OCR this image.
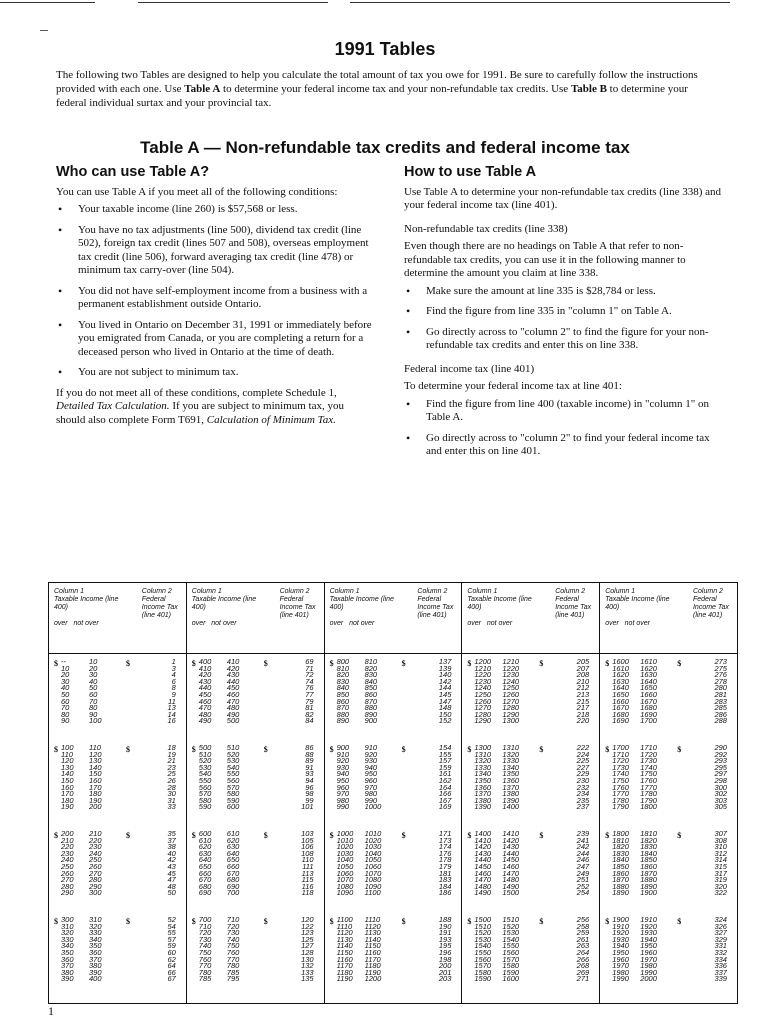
1991 Tables
The following two Tables are designed to help you calculate the total amount of tax you owe for 1991. Be sure to carefully follow the instructions provided with each one. Use Table A to determine your federal income tax and your non-refundable tax credits. Use Table B to determine your federal individual surtax and your provincial tax.
Table A — Non-refundable tax credits and federal income tax
Who can use Table A?

You can use Table A if you meet all of the following conditions:

• Your taxable income (line 260) is $57,568 or less.
• You have no tax adjustments (line 500), dividend tax credit (line 502), foreign tax credit (lines 507 and 508), overseas employment tax credit (line 506), forward averaging tax credit (line 478) or minimum tax carry-over (line 504).
• You did not have self-employment income from a business with a permanent establishment outside Ontario.
• You lived in Ontario on December 31, 1991 or immediately before you emigrated from Canada, or you are completing a return for a deceased person who lived in Ontario at the time of death.
• You are not subject to minimum tax.

If you do not meet all of these conditions, complete Schedule 1, Detailed Tax Calculation. If you are subject to minimum tax, you should also complete Form T691, Calculation of Minimum Tax.

How to use Table A

Use Table A to determine your non-refundable tax credits (line 338) and your federal income tax (line 401).

Non-refundable tax credits (line 338)

Even though there are no headings on Table A that refer to non-refundable tax credits, you can use it in the following manner to determine the amount you claim at line 338.

• Make sure the amount at line 335 is $28,784 or less.
• Find the figure from line 335 in "column 1" on Table A.
• Go directly across to "column 2" to find the figure for your non-refundable tax credits and enter this on line 338.

Federal income tax (line 401)

To determine your federal income tax at line 401:

• Find the figure from line 400 (taxable income) in "column 1" on Table A.
• Go directly across to "column 2" to find your federal income tax and enter this on line 401.
Column 1
Taxable Income (line 400)
Column 2
Federal Income Tax (line 401)
over not over
$	$
--	10	1
10	20	3
20	30	4
30	40	6
40	50	8
50	60	9
60	70	11
70	80	13
80	90	14
90	100	16
$	$
100 110	18
110 120	19
120 130	21
130 140	23
140 150	25
150 160	26
160 170	28
170 180	30
180 190	31
190 200	33
$	$
200 210	35
210 220	37
220 230	38
230 240	40
240 250	42
250 260	43
260 270	45
270 280	47
280 290	48
290 300	50
$	$
300 310	52
310 320	54
320 330	55
330 340	57
340 350	59
350 360	60
360 370	62
370 380	64
380 390	66
390 400	67
Column 1
Taxable Income (line 400)
Column 2
Federal Income Tax (line 401)
over not over
$	$
400 410	69
410 420	71
420 430	72
430 440	74
440 450	76
450 460	77
460 470	79
470 480	81
480 490	82
490 500	84
$	$
500 510	86
510 520	88
520 530	89
530 540	91
540 550	93
550 560	94
560 570	96
570 580	98
580 590	99
590 600	101
$	$
600 610	103
610 620	105
620 630	106
630 640	108
640 650	110
650 660	111
660 670	113
670 680	115
680 690	116
690 700	118
$	$
700 710	120
710 720	122
720 730	123
730 740	125
740 750	127
750 760	128
760 770	130
770 780	132
780 785	133
785 795	135
Column 1
Taxable Income (line 400)
Column 2
Federal Income Tax (line 401)
over not over
$	$
800 810	137
810 820	139
820 830	140
830 840	142
840 850	144
850 860	145
860 870	147
870 880	148
880 890	150
890 900	152
$	$
900 910	154
910 920	155
920 930	157
930 940	159
940 950	161
950 960	162
960 970	164
970 980	166
980 990	167
990 1000	169
$	$
1000 1010	171
1010 1020	173
1020 1030	174
1030 1040	176
1040 1050	178
1050 1060	179
1060 1070	181
1070 1080	183
1080 1090	184
1090 1100	186
$	$
1100 1110	188
1110 1120	190
1120 1130	191
1130 1140	193
1140 1150	195
1150 1160	196
1160 1170	198
1170 1180	200
1180 1190	201
1190 1200	203
Column 1
Taxable Income (line 400)
Column 2
Federal Income Tax (line 401)
over not over
$	$
1200 1210	205
1210 1220	207
1220 1230	208
1230 1240	210
1240 1250	212
1250 1260	213
1260 1270	215
1270 1280	217
1280 1290	218
1290 1300	220
$	$
1300 1310	222
1310 1320	224
1320 1330	225
1330 1340	227
1340 1350	229
1350 1360	230
1360 1370	232
1370 1380	234
1380 1390	235
1390 1400	237
$	$
1400 1410	239
1410 1420	241
1420 1430	242
1430 1440	244
1440 1450	246
1450 1460	247
1460 1470	249
1470 1480	251
1480 1490	252
1490 1500	254
$	$
1500 1510	256
1510 1520	258
1520 1530	259
1530 1540	261
1540 1550	263
1550 1560	264
1560 1570	266
1570 1580	268
1580 1590	269
1590 1600	271
Column 1
Taxable Income (line 400)
Column 2
Federal Income Tax (line 401)
over not over
$	$
1600 1610	273
1610 1620	275
1620 1630	276
1630 1640	278
1640 1650	280
1650 1660	281
1660 1670	283
1670 1680	285
1680 1690	286
1690 1700	288
$	$
1700 1710	290
1710 1720	292
1720 1730	293
1730 1740	295
1740 1750	297
1750 1760	298
1760 1770	300
1770 1780	302
1780 1790	303
1790 1800	305
$	$
1800 1810	307
1810 1820	308
1820 1830	310
1830 1840	312
1840 1850	314
1850 1860	315
1860 1870	317
1870 1880	319
1880 1890	320
1890 1900	322
$	$
1900 1910	324
1910 1920	326
1920 1930	327
1930 1940	329
1940 1950	331
1950 1960	332
1960 1970	334
1970 1980	336
1980 1990	337
1990 2000	339
1
